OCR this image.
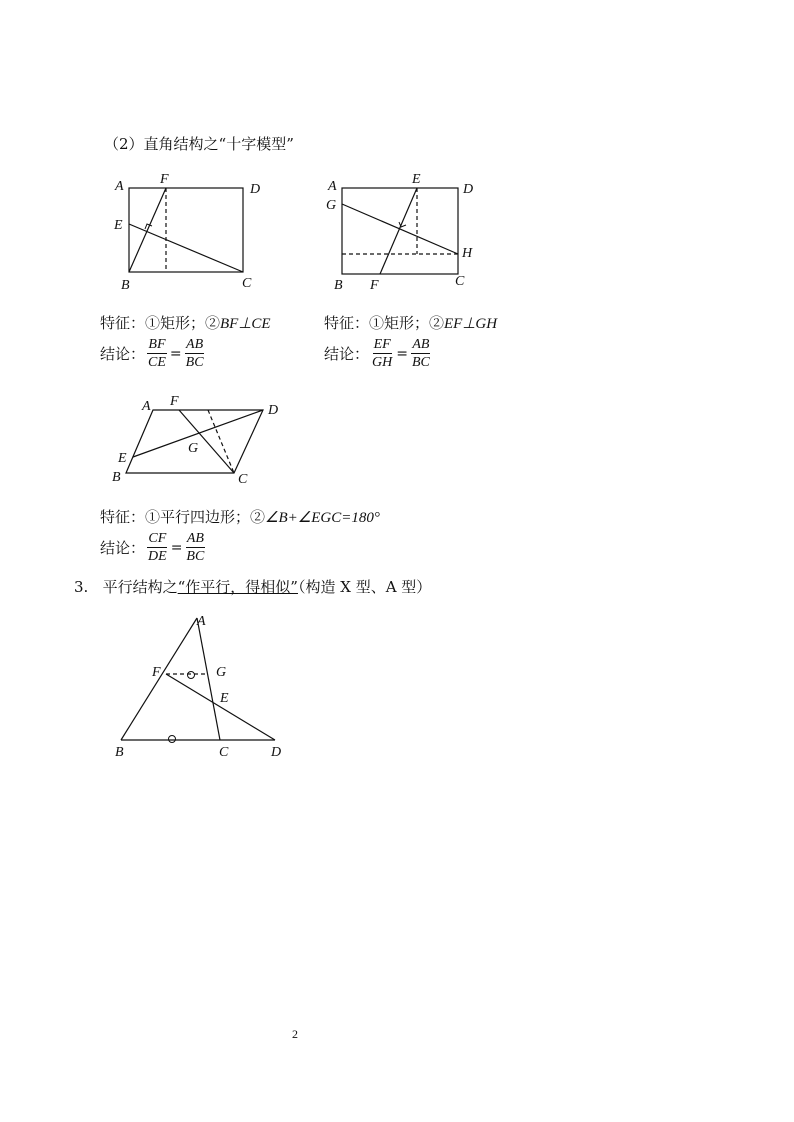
（2）直角结构之“十字模型”
A	F
D
E
B	C
A	E
D
G
H
B F	C
特征：①矩形；②BF⊥CE
结论： $\frac{BF}{CE} = \frac{AB}{BC}$
特征：①矩形；②EF⊥GH
结论： $\frac{EF}{GH} = \frac{AB}{BC}$
A F
D
G
E
B	C
特征：①平行四边形；②∠B+∠EGC=180°
结论： $\frac{CF}{DE} = \frac{AB}{BC}$
3. 平行结构之“作平行，得相似”（构造 X 型、A 型）
A
F	G
E
B	C	D
2
